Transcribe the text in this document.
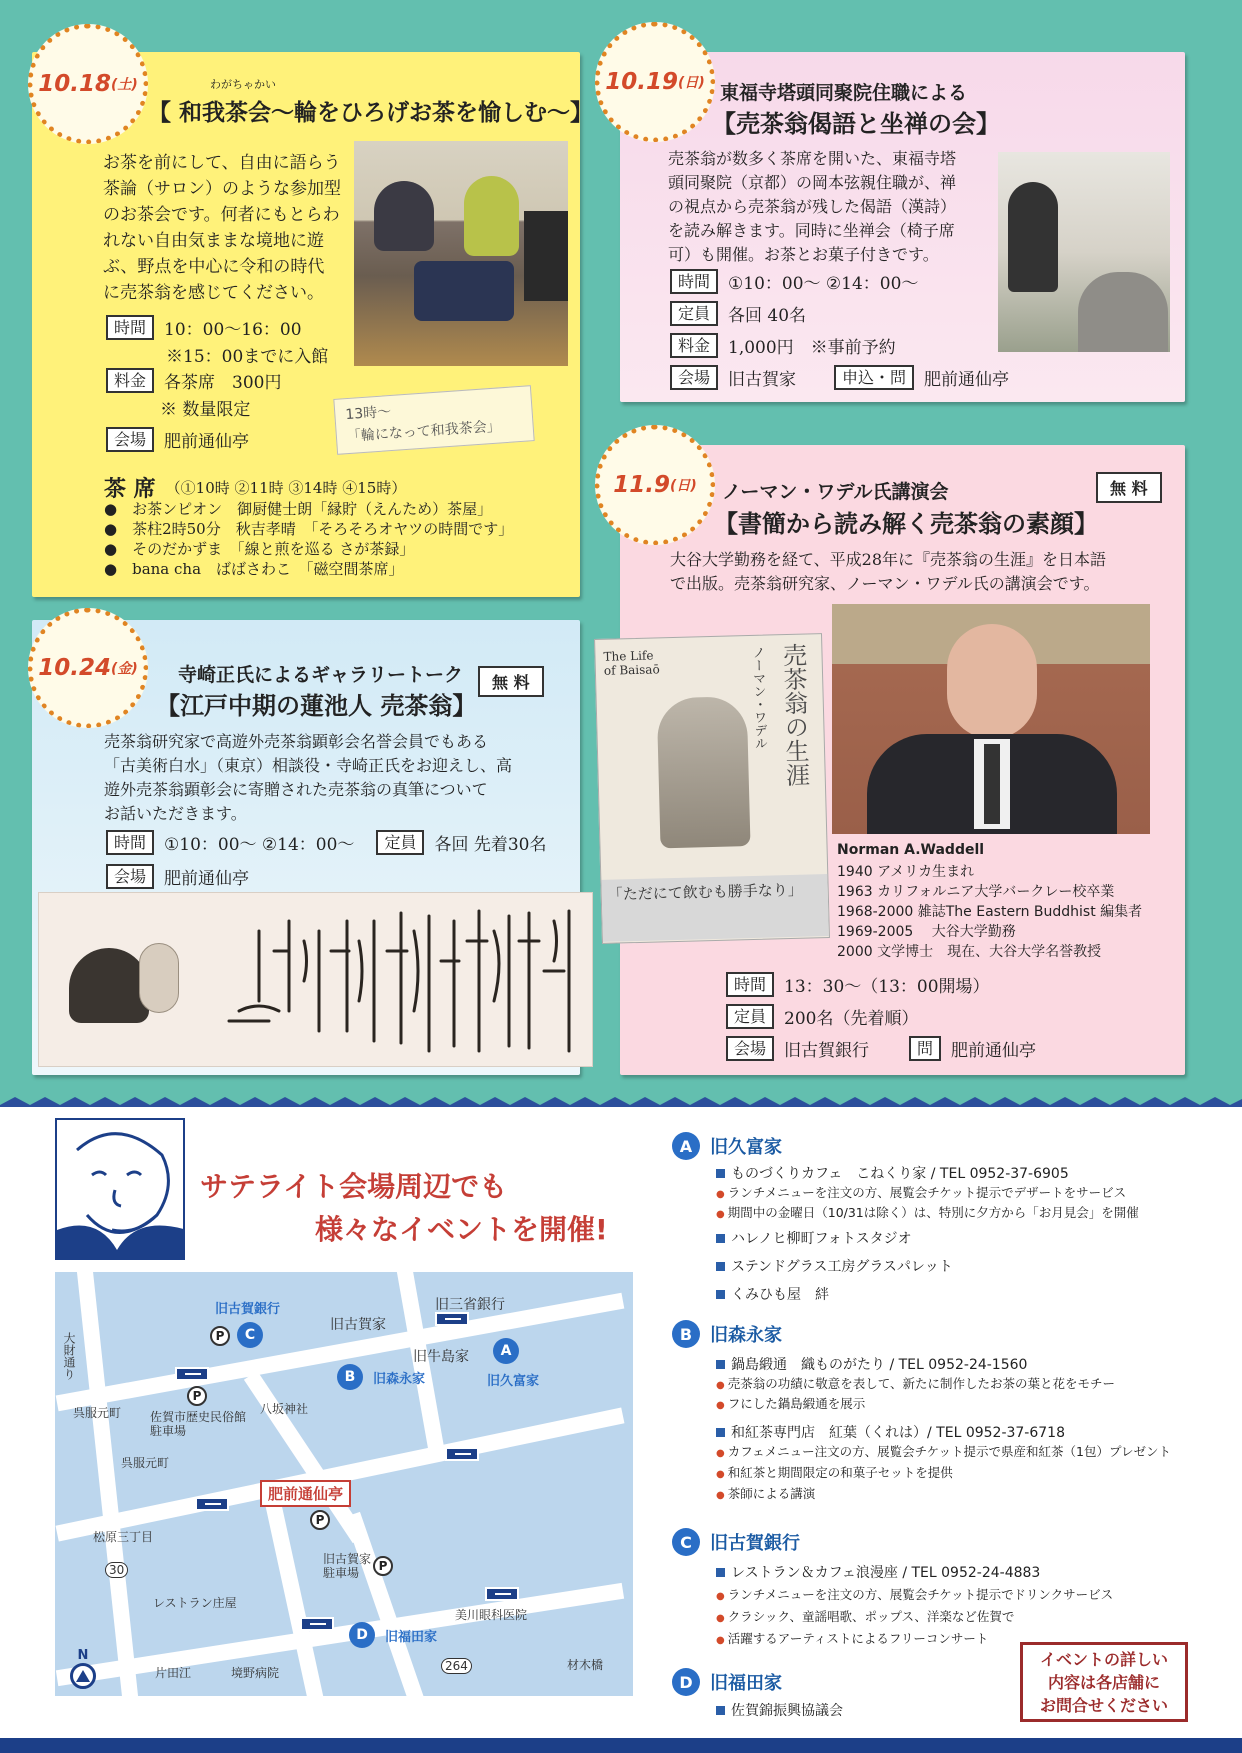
10.18 (土)	わがちゃかい
【 和我茶会～輪をひろげお茶を愉しむ～】
お茶を前にして、自由に語らう
茶論（サロン）のような参加型
のお茶会です。何者にもとらわ
れない自由気ままな境地に遊
ぶ、野点を中心に令和の時代
に売茶翁を感じてください。
時間	10：00～16：00
※15：00までに入館
料金	各茶席　300円
※ 数量限定
会場	肥前通仙亭
13時～
「輪になって和我茶会」
茶 席 （①10時 ②11時 ③14時 ④15時）
●　お茶ンピオン　 御厨健士朗「縁貯（えんため）茶屋」
●　茶柱2時50分　 秋吉孝晴　「そろそろオヤツの時間です」
●　そのだかずま　 「線と煎を巡る さが茶録」
●　bana cha　 ばばさわこ　「磁空間茶席」
10.19 (日) 東福寺塔頭同聚院住職による
【売茶翁偈語と坐禅の会】
売茶翁が数多く茶席を開いた、東福寺塔
頭同聚院（京都）の岡本弦親住職が、禅
の視点から売茶翁が残した偈語（漢詩）
を読み解きます。同時に坐禅会（椅子席
可）も開催。お茶とお菓子付きです。
時間	①10：00～ ②14：00～
定員	各回 40名
料金	1,000円　※事前予約
会場	旧古賀家	申込・問	肥前通仙亭
10.24 (金) 寺崎正氏によるギャラリートーク
【江戸中期の蓮池人 売茶翁】
無 料
売茶翁研究家で高遊外売茶翁顕彰会名誉会員でもある
「古美術白水」（東京）相談役・寺崎正氏をお迎えし、高
遊外売茶翁顕彰会に寄贈された売茶翁の真筆について
お話いただきます。
時間	①10：00～ ②14：00～	定員	各回 先着30名
会場	肥前通仙亭
11.9 (日) ノーマン・ワデル氏講演会
【書簡から読み解く売茶翁の素顔】
無 料
大谷大学勤務を経て、平成28年に『売茶翁の生涯』を日本語
で出版。売茶翁研究家、ノーマン・ワデル氏の講演会です。
The Life of Baisaō	売茶翁の生涯
ノーマン・ワデル
「ただにて飲むも勝手なり」
Norman A.Waddell
1940 アメリカ生まれ
1963 カリフォルニア大学バークレー校卒業
1968-2000 雑誌The Eastern Buddhist 編集者
1969-2005　 大谷大学勤務
2000 文学博士　現在、大谷大学名誉教授
時間	13：30～（13：00開場）
定員	200名（先着順）
会場	旧古賀銀行	問	肥前通仙亭
サテライト会場周辺でも
様々なイベントを開催!
旧古賀銀行
P	C
旧古賀家
旧三省銀行
A
旧牛島家
旧久富家
B	旧森永家
八坂神社
大財通り
P
呉服元町 佐賀市歴史民俗館
駐車場
呉服元町
肥前通仙亭
P
松原三丁目
30
旧古賀家
駐車場	P
レストラン庄屋
美川眼科医院
D	旧福田家
片田江	境野病院	264	材木橋
N
A 旧久富家
ものづくりカフェ　こねくり家 / TEL 0952-37-6905
● ランチメニューを注文の方、展覧会チケット提示でデザートをサービス
● 期間中の金曜日（10/31は除く）は、特別に夕方から「お月見会」を開催
ハレノヒ柳町フォトスタジオ
ステンドグラス工房グラスパレット
くみひも屋　絆
B 旧森永家
鍋島緞通　織ものがたり / TEL 0952-24-1560
● 売茶翁の功績に敬意を表して、新たに制作したお茶の葉と花をモチー
● フにした鍋島緞通を展示
和紅茶専門店　紅葉（くれは）/ TEL 0952-37-6718
● カフェメニュー注文の方、展覧会チケット提示で県産和紅茶（1包）プレゼント
● 和紅茶と期間限定の和菓子セットを提供
● 茶師による講演
C	旧古賀銀行
レストラン＆カフェ浪漫座 / TEL 0952-24-4883
● ランチメニューを注文の方、展覧会チケット提示でドリンクサービス
● クラシック、童謡唱歌、ポップス、洋楽など佐賀で
● 活躍するアーティストによるフリーコンサート
D 旧福田家
佐賀錦振興協議会
イベントの詳しい
内容は各店舗に
お問合せください
